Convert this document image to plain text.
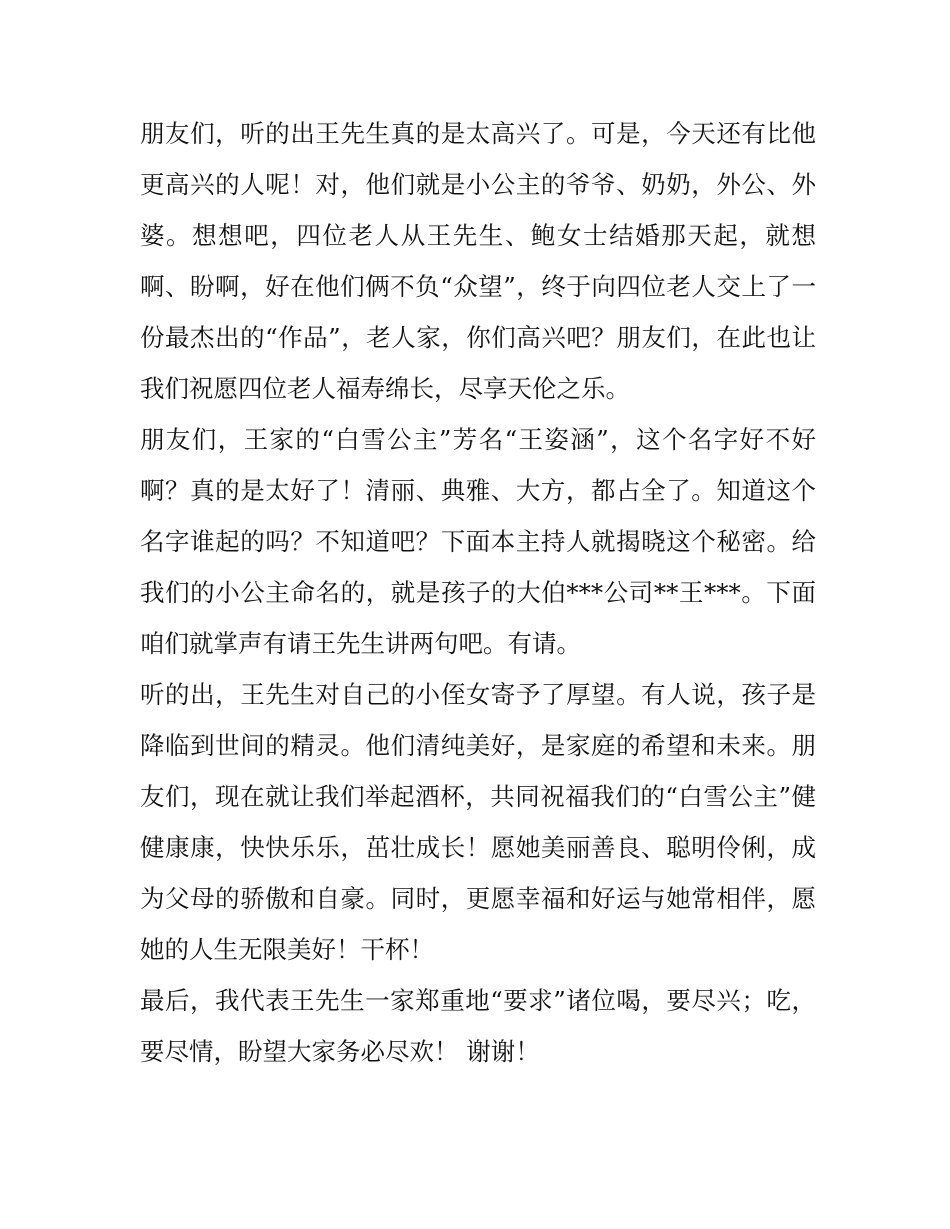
朋友们，听的出王先生真的是太高兴了。可是，今天还有比他
更高兴的人呢！对，他们就是小公主的爷爷、奶奶，外公、外
婆。想想吧，四位老人从王先生、鲍女士结婚那天起，就想
啊、盼啊，好在他们俩不负“众望”，终于向四位老人交上了一
份最杰出的“作品”，老人家，你们高兴吧？朋友们，在此也让
我们祝愿四位老人福寿绵长，尽享天伦之乐。
朋友们，王家的“白雪公主”芳名“王姿涵”，这个名字好不好
啊？真的是太好了！清丽、典雅、大方，都占全了。知道这个
名字谁起的吗？不知道吧？下面本主持人就揭晓这个秘密。给
我们的小公主命名的，就是孩子的大伯***公司**王***。下面
咱们就掌声有请王先生讲两句吧。有请。
听的出，王先生对自己的小侄女寄予了厚望。有人说，孩子是
降临到世间的精灵。他们清纯美好，是家庭的希望和未来。朋
友们，现在就让我们举起酒杯，共同祝福我们的“白雪公主”健
健康康，快快乐乐，茁壮成长！愿她美丽善良、聪明伶俐，成
为父母的骄傲和自豪。同时，更愿幸福和好运与她常相伴，愿
她的人生无限美好！干杯！
最后，我代表王先生一家郑重地“要求”诸位喝，要尽兴；吃，
要尽情，盼望大家务必尽欢！ 谢谢！
